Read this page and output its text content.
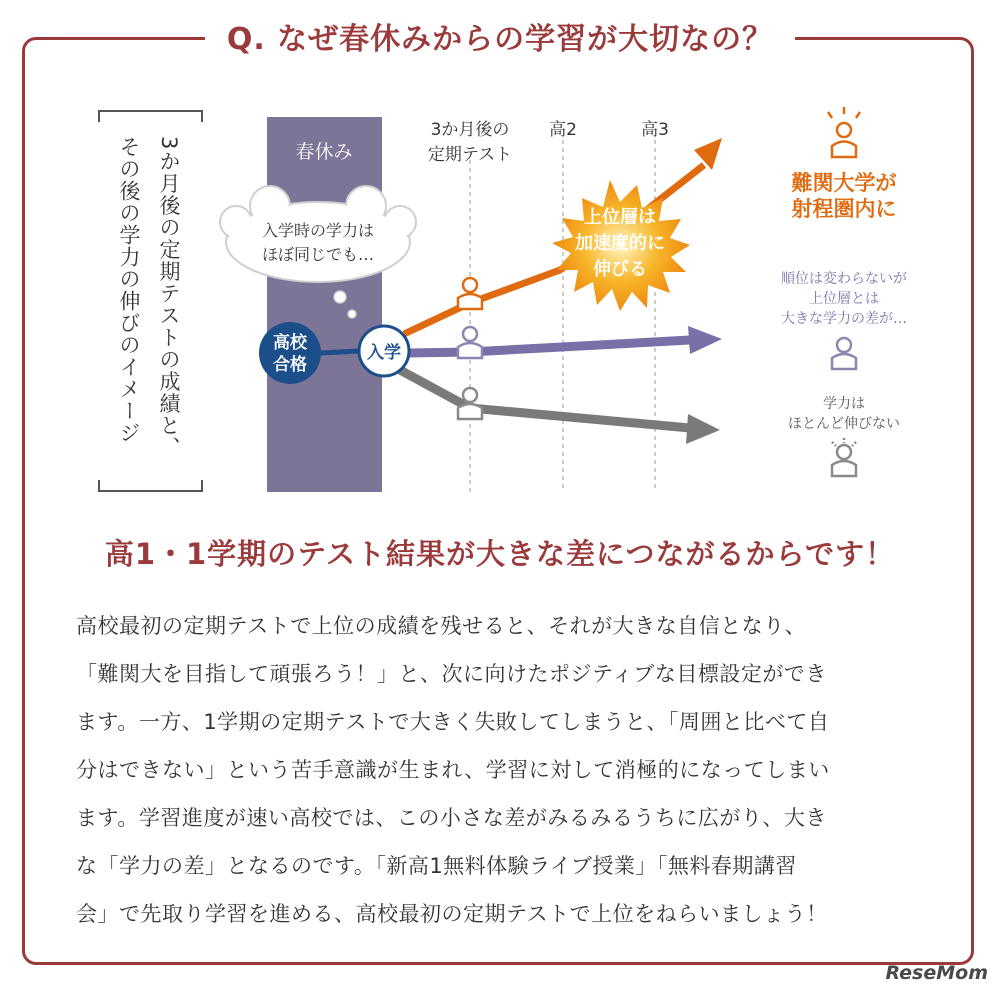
Q. なぜ春休みからの学習が大切なの？
3か月後の定期テストの成績と、その後の学力の伸びのイメージ	春休み
3か月後の
定期テスト
高2	高3
入学時の学力は
ほぼ同じでも…
上位層は
加速度的に
伸びる
高校
合格
入学
難関大学が
射程圏内に
順位は変わらないが
上位層とは
大きな学力の差が…
学力は
ほとんど伸びない
高1・1学期のテスト結果が大きな差につながるからです！

高校最初の定期テストで上位の成績を残せると、それが大きな自信となり、

「難関大を目指して頑張ろう！」と、次に向けたポジティブな目標設定ができ

ます。一方、1学期の定期テストで大きく失敗してしまうと、「周囲と比べて自

分はできない」という苦手意識が生まれ、学習に対して消極的になってしまい

ます。学習進度が速い高校では、この小さな差がみるみるうちに広がり、大き

な「学力の差」となるのです。「新高1無料体験ライブ授業」「無料春期講習

会」で先取り学習を進める、高校最初の定期テストで上位をねらいましょう！

ReseMom
